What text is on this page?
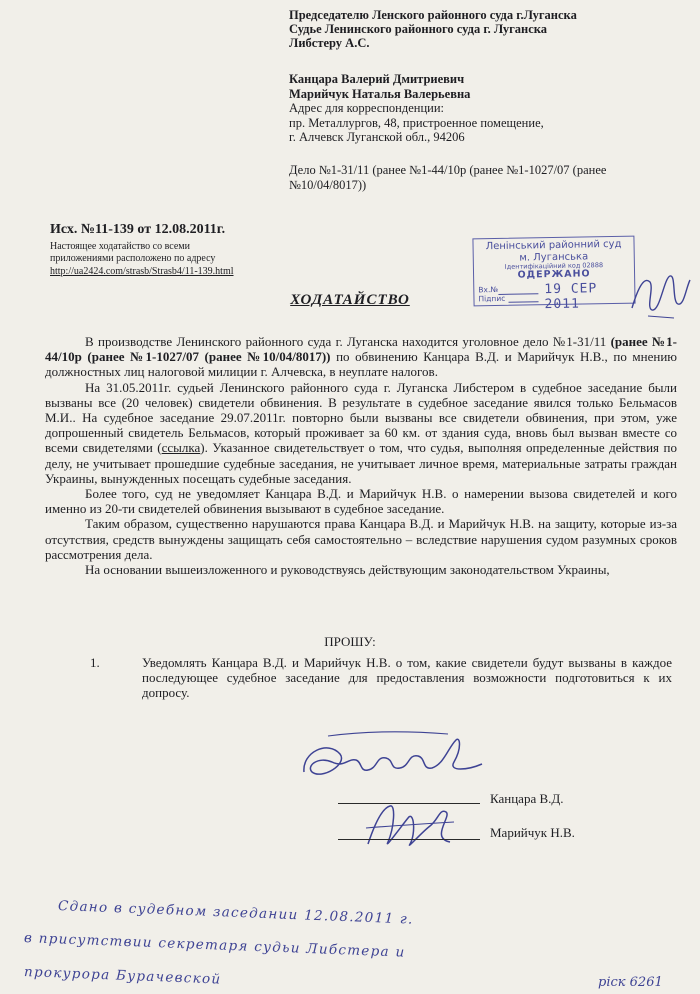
Председателю Ленского районного суда г.Луганска
Судье Ленинского районного суда г. Луганска
Либстеру А.С.
Канцара Валерий Дмитриевич
Марийчук Наталья Валерьевна
Адрес для корреспонденции:
пр. Металлургов, 48, пристроенное помещение,
г. Алчевск Луганской обл., 94206
Дело №1-31/11 (ранее №1-44/10р (ранее №1-1027/07 (ранее №10/04/8017))
Исх. №11-139 от 12.08.2011г.
Настоящее ходатайство со всеми
приложениями расположено по адресу
http://ua2424.com/strasb/Strasb4/11-139.html
Ленінський районний суд
м. Луганська
Ідентифікаційний код 02888
ОДЕРЖАНО
Вх.№
Підпис
19 СЕР 2011
ХОДАТАЙСТВО

В производстве Ленинского районного суда г. Луганска находится уголовное дело №1-31/11 (ранее №1-44/10р (ранее №1-1027/07 (ранее №10/04/8017)) по обвинению Канцара В.Д. и Марийчук Н.В., по мнению должностных лиц налоговой милиции г. Алчевска, в неуплате налогов.

На 31.05.2011г. судьей Ленинского районного суда г. Луганска Либстером в судебное заседание были вызваны все (20 человек) свидетели обвинения. В результате в судебное заседание явился только Бельмасов М.И.. На судебное заседание 29.07.2011г. повторно были вызваны все свидетели обвинения, при этом, уже допрошенный свидетель Бельмасов, который проживает за 60 км. от здания суда, вновь был вызван вместе со всеми свидетелями (ссылка). Указанное свидетельствует о том, что судья, выполняя определенные действия по делу, не учитывает прошедшие судебные заседания, не учитывает личное время, материальные затраты граждан Украины, вынужденных посещать судебные заседания.

Более того, суд не уведомляет Канцара В.Д. и Марийчук Н.В. о намерении вызова свидетелей и кого именно из 20-ти свидетелей обвинения вызывают в судебное заседание.

Таким образом, существенно нарушаются права Канцара В.Д. и Марийчук Н.В. на защиту, которые из-за отсутствия, средств вынуждены защищать себя самостоятельно – вследствие нарушения судом разумных сроков рассмотрения дела.

На основании вышеизложенного и руководствуясь действующим законодательством Украины,

ПРОШУ:
1.	Уведомлять Канцара В.Д. и Марийчук Н.В. о том, какие свидетели будут вызваны в каждое последующее судебное заседание для предоставления возможности подготовиться к их допросу.
Канцара В.Д.
Марийчук Н.В.
Сдано в судебном заседании 12.08.2011 г.
в присутствии секретаря судьи Либстера и
прокурора Бурачевской	ріск 6261
